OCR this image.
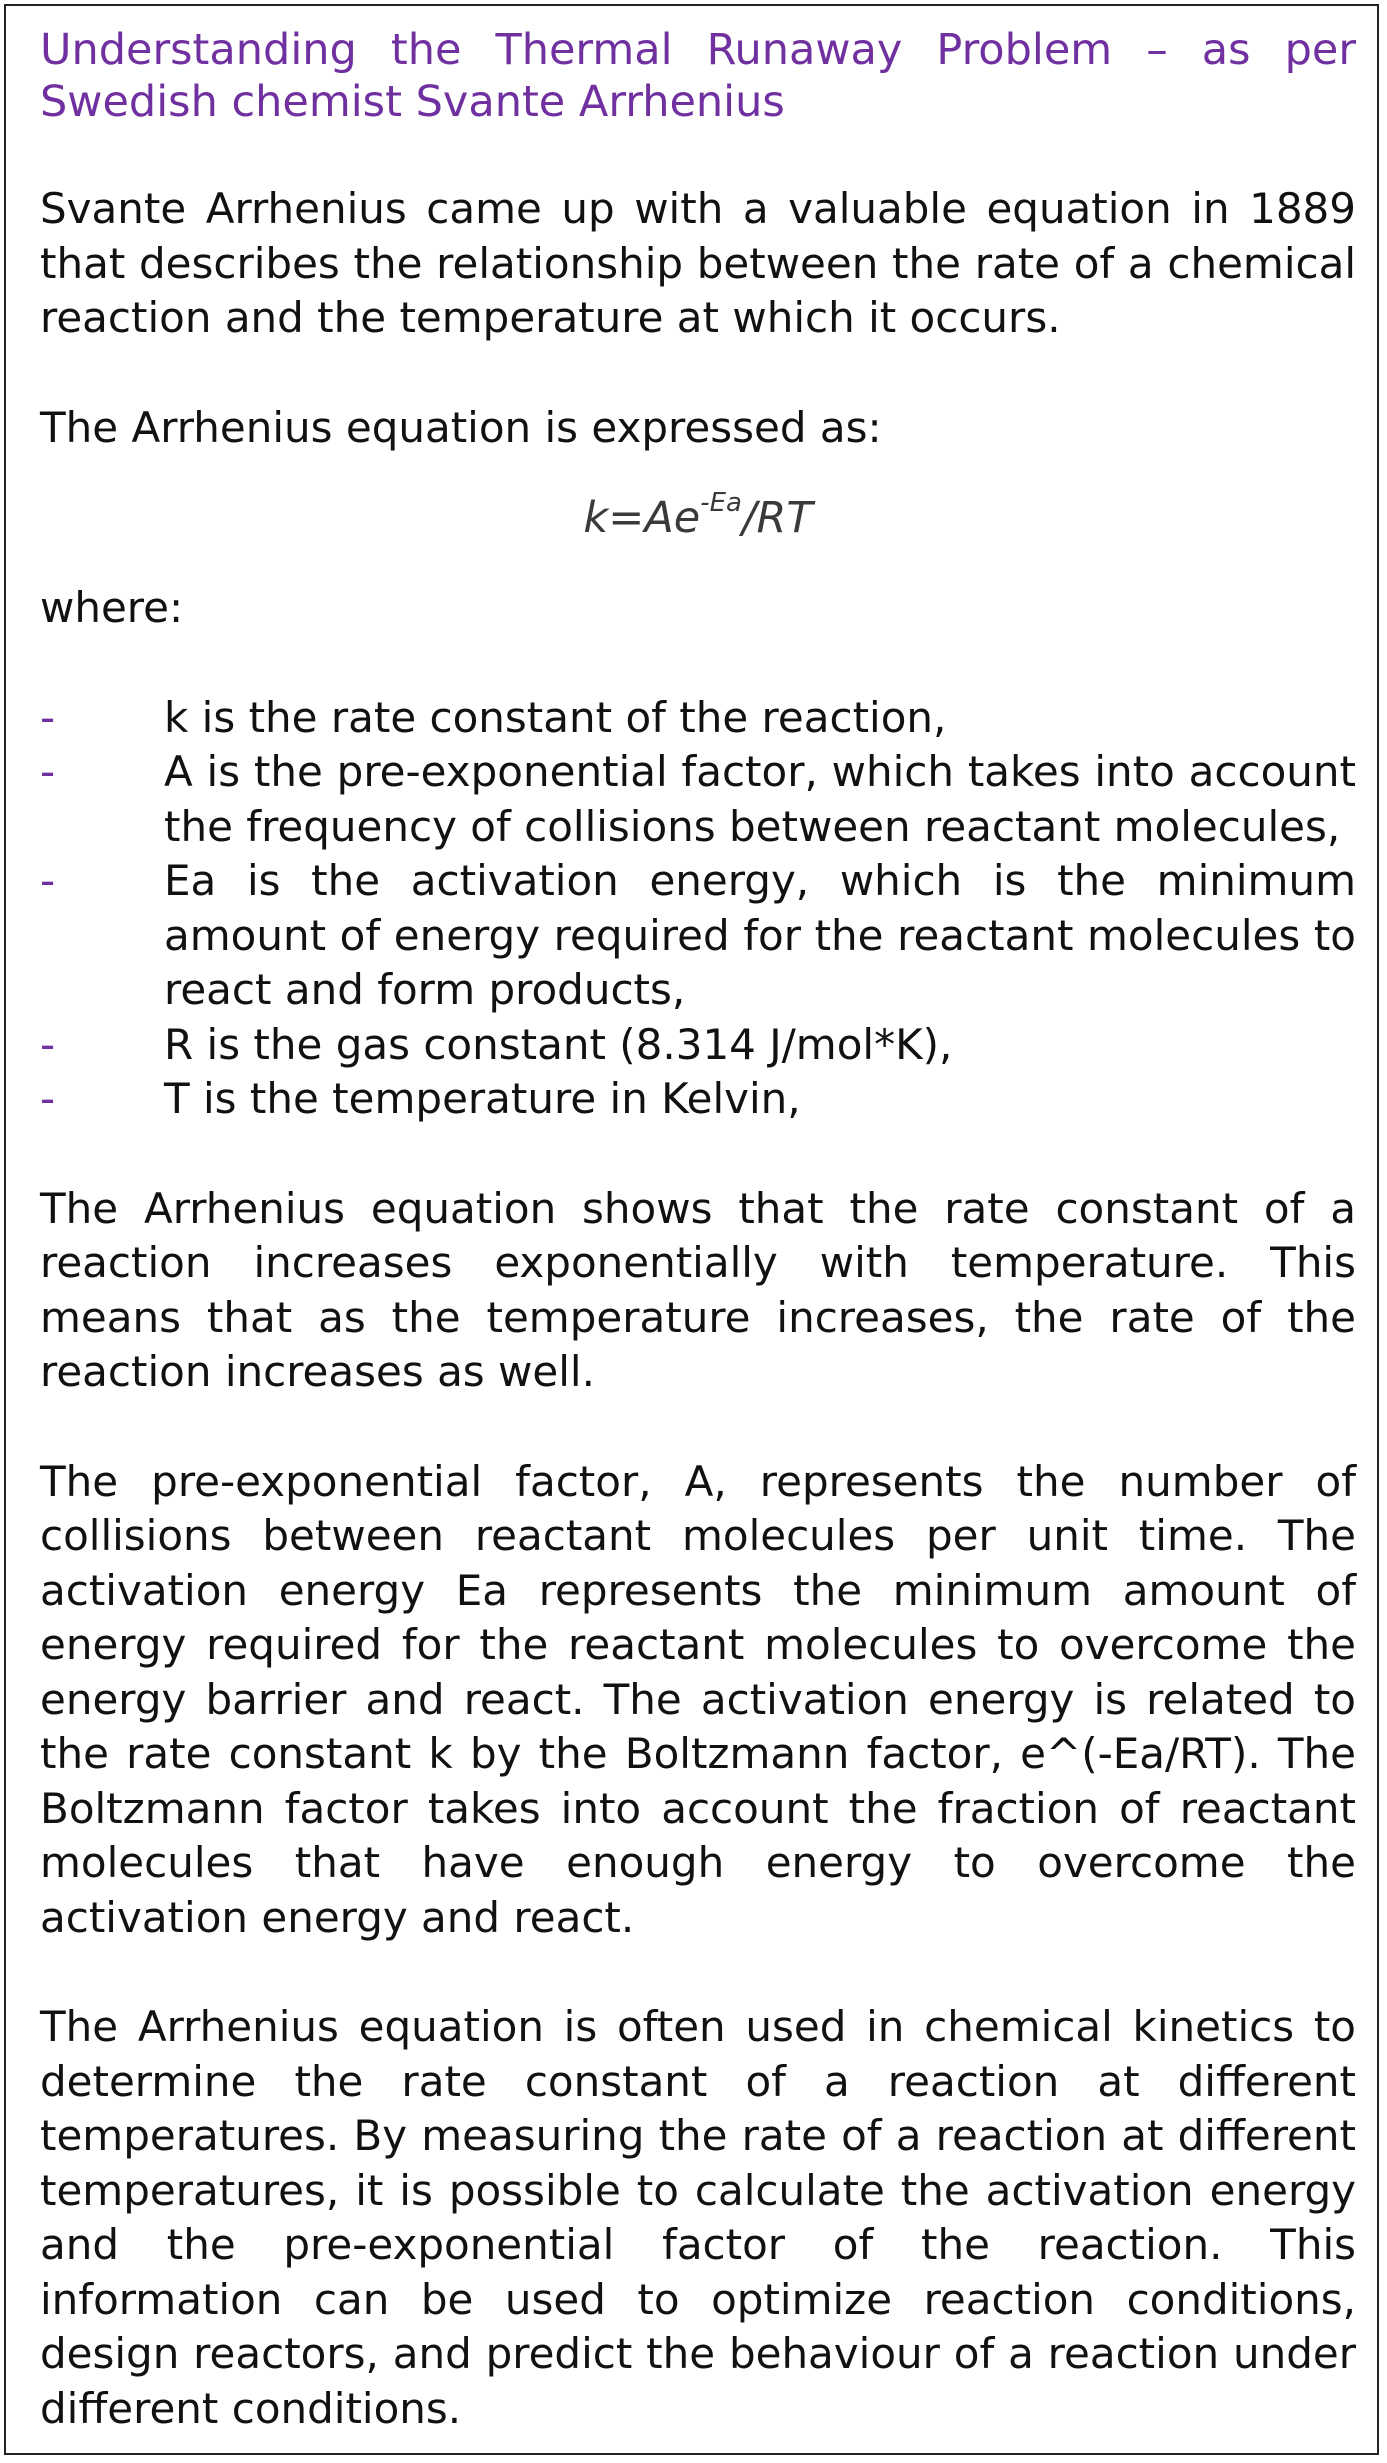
Understanding the Thermal Runaway Problem – as per Swedish chemist Svante Arrhenius

Svante Arrhenius came up with a valuable equation in 1889 that describes the relationship between the rate of a chemical reaction and the temperature at which it occurs.

The Arrhenius equation is expressed as:

$k=Ae^{-Ea}/RT$

where:

-	k is the rate constant of the reaction,
-	A is the pre-exponential factor, which takes into account the frequency of collisions between reactant molecules,
-	Ea is the activation energy, which is the minimum amount of energy required for the reactant molecules to react and form products,
-	R is the gas constant (8.314 J/mol*K),
-	T is the temperature in Kelvin,

The Arrhenius equation shows that the rate constant of a reaction increases exponentially with temperature. This means that as the temperature increases, the rate of the reaction increases as well.

The pre-exponential factor, A, represents the number of collisions between reactant molecules per unit time. The activation energy Ea represents the minimum amount of energy required for the reactant molecules to overcome the energy barrier and react. The activation energy is related to the rate constant k by the Boltzmann factor, e^(-Ea/RT). The Boltzmann factor takes into account the fraction of reactant molecules that have enough energy to overcome the activation energy and react.

The Arrhenius equation is often used in chemical kinetics to determine the rate constant of a reaction at different temperatures. By measuring the rate of a reaction at different temperatures, it is possible to calculate the activation energy and the pre-exponential factor of the reaction. This information can be used to optimize reaction conditions, design reactors, and predict the behaviour of a reaction under different conditions.
